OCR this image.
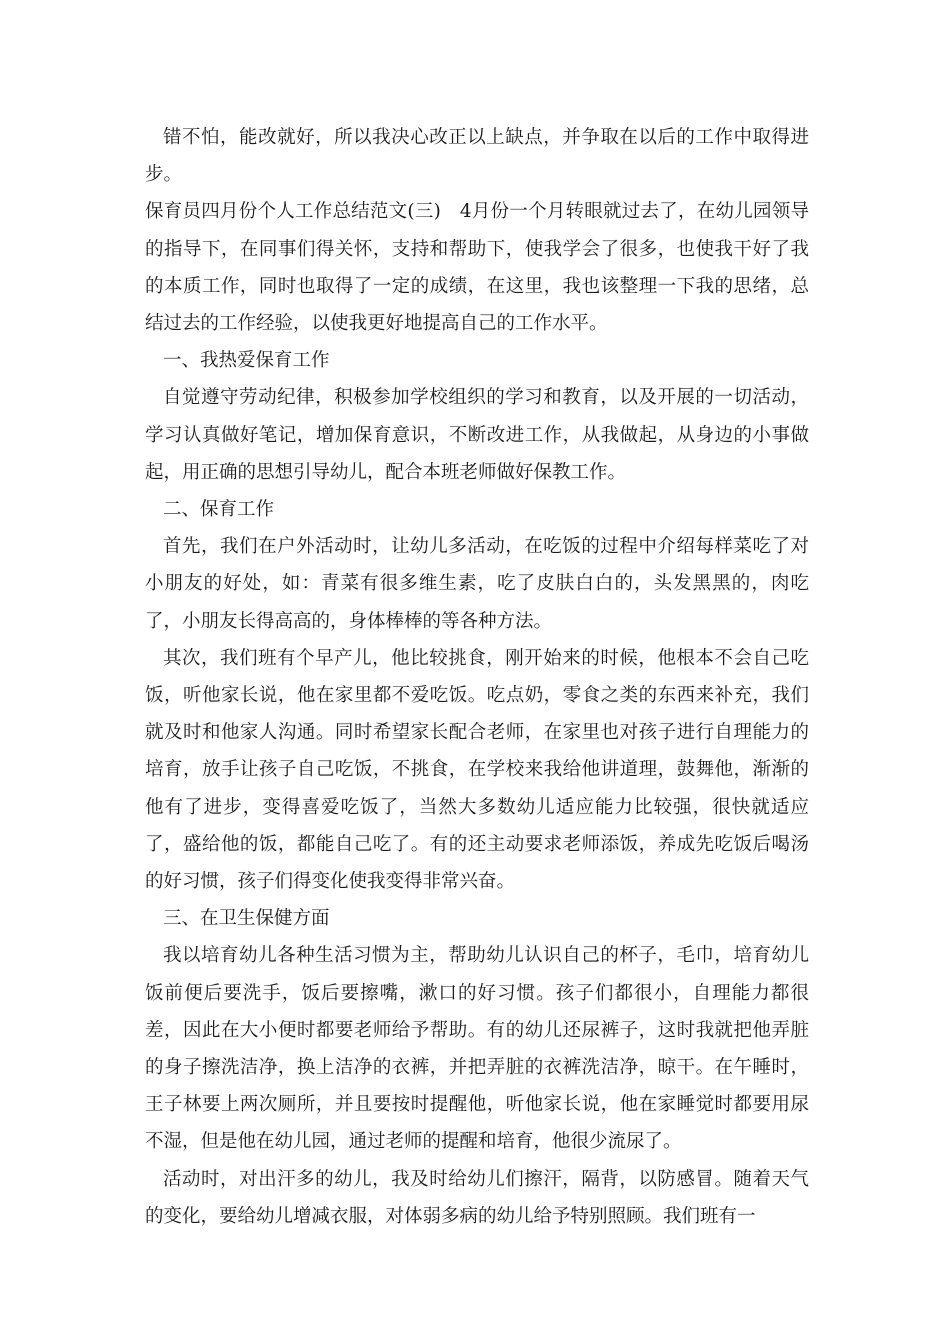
错不怕，能改就好，所以我决心改正以上缺点，并争取在以后的工作中取得进步。

保育员四月份个人工作总结范文(三)　4月份一个月转眼就过去了，在幼儿园领导的指导下，在同事们得关怀，支持和帮助下，使我学会了很多，也使我干好了我的本质工作，同时也取得了一定的成绩，在这里，我也该整理一下我的思绪，总结过去的工作经验，以使我更好地提高自己的工作水平。

一、我热爱保育工作

自觉遵守劳动纪律，积极参加学校组织的学习和教育，以及开展的一切活动，学习认真做好笔记，增加保育意识，不断改进工作，从我做起，从身边的小事做起，用正确的思想引导幼儿，配合本班老师做好保教工作。

二、保育工作

首先，我们在户外活动时，让幼儿多活动，在吃饭的过程中介绍每样菜吃了对小朋友的好处，如：青菜有很多维生素，吃了皮肤白白的，头发黑黑的，肉吃了，小朋友长得高高的，身体棒棒的等各种方法。

其次，我们班有个早产儿，他比较挑食，刚开始来的时候，他根本不会自己吃饭，听他家长说，他在家里都不爱吃饭。吃点奶，零食之类的东西来补充，我们就及时和他家人沟通。同时希望家长配合老师，在家里也对孩子进行自理能力的培育，放手让孩子自己吃饭，不挑食，在学校来我给他讲道理，鼓舞他，渐渐的他有了进步，变得喜爱吃饭了，当然大多数幼儿适应能力比较强，很快就适应了，盛给他的饭，都能自己吃了。有的还主动要求老师添饭，养成先吃饭后喝汤的好习惯，孩子们得变化使我变得非常兴奋。

三、在卫生保健方面

我以培育幼儿各种生活习惯为主，帮助幼儿认识自己的杯子，毛巾，培育幼儿饭前便后要洗手，饭后要擦嘴，漱口的好习惯。孩子们都很小，自理能力都很差，因此在大小便时都要老师给予帮助。有的幼儿还尿裤子，这时我就把他弄脏的身子擦洗洁净，换上洁净的衣裤，并把弄脏的衣裤洗洁净，晾干。在午睡时，王子林要上两次厕所，并且要按时提醒他，听他家长说，他在家睡觉时都要用尿不湿，但是他在幼儿园，通过老师的提醒和培育，他很少流尿了。

活动时，对出汗多的幼儿，我及时给幼儿们擦汗，隔背，以防感冒。随着天气的变化，要给幼儿增减衣服，对体弱多病的幼儿给予特别照顾。我们班有一
